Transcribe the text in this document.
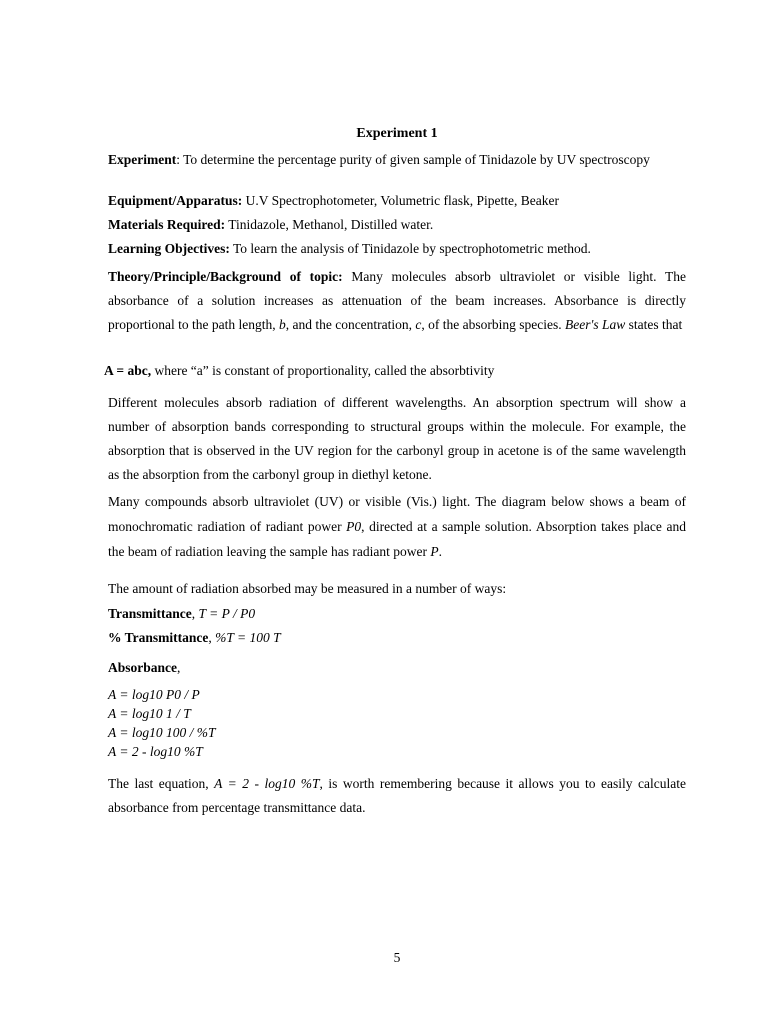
Experiment 1
Experiment: To determine the percentage purity of given sample of Tinidazole by UV spectroscopy
Equipment/Apparatus: U.V Spectrophotometer, Volumetric flask, Pipette, Beaker
Materials Required: Tinidazole, Methanol, Distilled water.
Learning Objectives: To learn the analysis of Tinidazole by spectrophotometric method.
Theory/Principle/Background of topic: Many molecules absorb ultraviolet or visible light. The absorbance of a solution increases as attenuation of the beam increases. Absorbance is directly proportional to the path length, b, and the concentration, c, of the absorbing species. Beer's Law states that
A = abc, where “a” is constant of proportionality, called the absorbtivity
Different molecules absorb radiation of different wavelengths. An absorption spectrum will show a number of absorption bands corresponding to structural groups within the molecule. For example, the absorption that is observed in the UV region for the carbonyl group in acetone is of the same wavelength as the absorption from the carbonyl group in diethyl ketone.
Many compounds absorb ultraviolet (UV) or visible (Vis.) light. The diagram below shows a beam of monochromatic radiation of radiant power P0, directed at a sample solution. Absorption takes place and the beam of radiation leaving the sample has radiant power P.
The amount of radiation absorbed may be measured in a number of ways:
Transmittance, T = P / P0
% Transmittance, %T = 100 T
Absorbance,
A = log10 P0 / P
A = log10 1 / T
A = log10 100 / %T
A = 2 - log10 %T
The last equation, A = 2 - log10 %T, is worth remembering because it allows you to easily calculate absorbance from percentage transmittance data.
5
